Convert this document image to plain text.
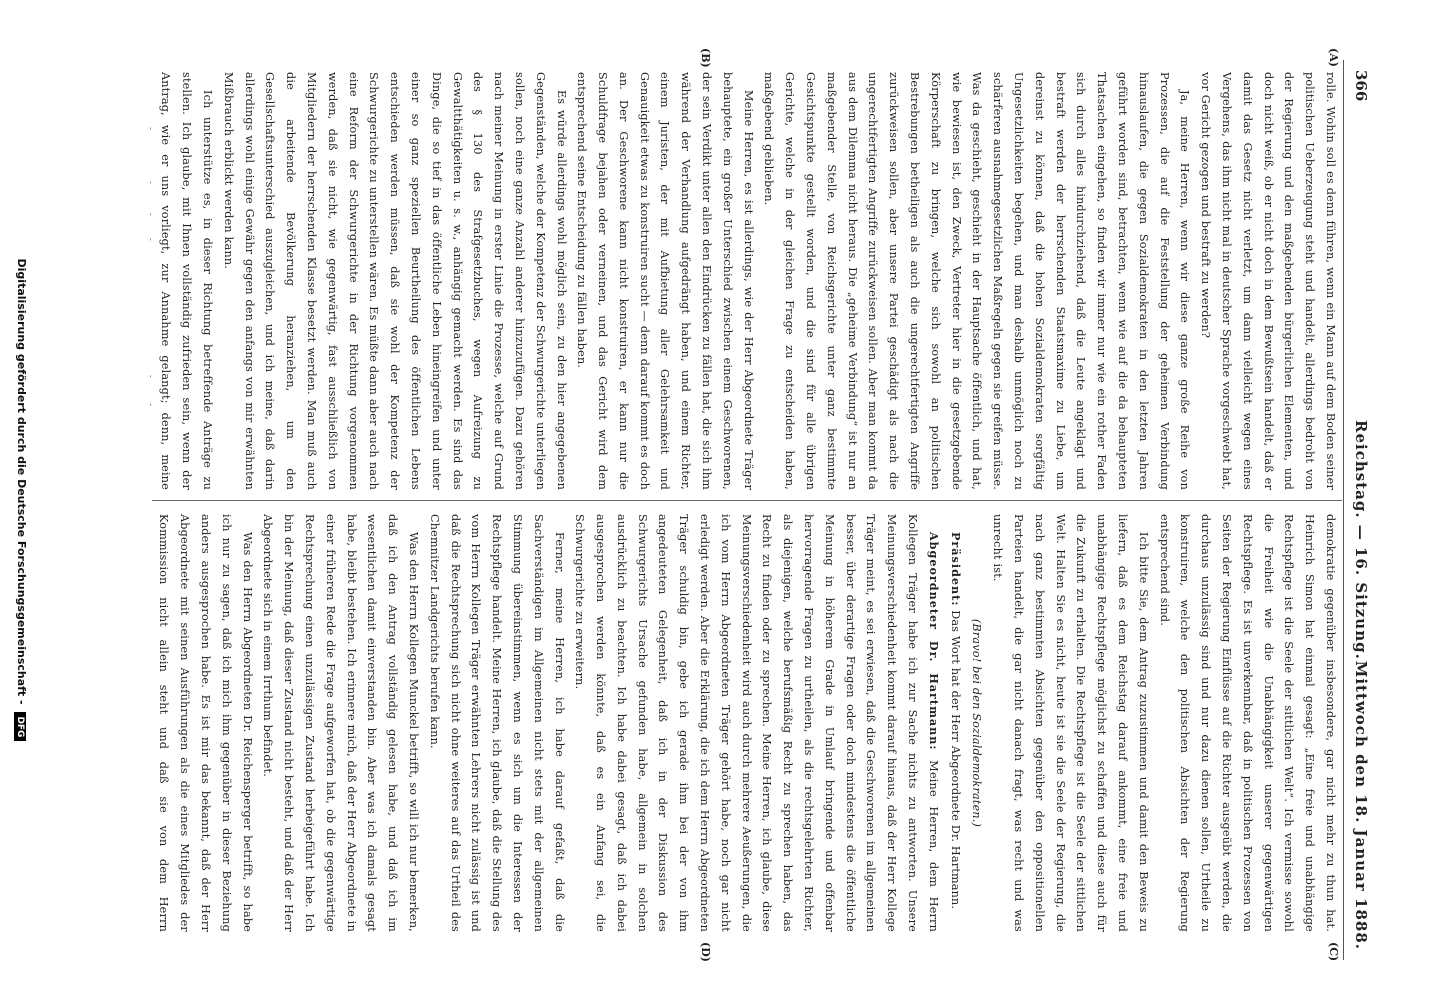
366
Reichstag. — 16. Sitzung.
Mittwoch den 18. Januar 1888.
(A)
(B)
(C)
(D)

rolle. Wohin soll es denn führen, wenn ein Mann auf dem Boden seiner politischen Ueberzeugung steht und handelt, allerdings bedroht von der Regierung und den maßgebenden bürgerlichen Elementen, und doch nicht weiß, ob er nicht doch in dem Bewußtsein handelt, daß er damit das Gesetz nicht verletzt, um dann vielleicht wegen eines Vergehens, das ihm nicht mal in deutscher Sprache vorgeschwebt hat, vor Gericht gezogen und bestraft zu werden?

Ja, meine Herren, wenn wir diese ganze große Reihe von Prozessen, die auf die Feststellung der geheimen Verbindung hinauslaufen, die gegen Sozialdemokraten in den letzten Jahren geführt worden sind, betrachten, wenn wie auf die da behaupteten Thatsachen eingehen, so finden wir immer nur wie ein rother Faden sich durch alles hindurchziehend, daß die Leute angeklagt und bestraft werden der herrschenden Staatsmaxime zu Liebe, um dereinst zu können, daß die hohen Sozialdemokraten sorgfältig Ungesetzlichkeiten begehen, und man deshalb unmöglich noch zu schärferen ausnahmegesetzlichen Maßregeln gegen sie greifen müsse. Was da geschieht, geschieht in der Hauptsache öffentlich, und hat, wie bewiesen ist, den Zweck, Vertreter hier in die gesetzgebende Körperschaft zu bringen, welche sich sowohl an politischen Bestrebungen betheiligen als auch die ungerechtfertigten Angriffe zurückweisen sollen, aber unsere Partei geschädigt als nach die ungerechtfertigten Angriffe zurückweisen sollen. Aber man kommt da aus dem Dilemma nicht heraus. Die „geheime Verbindung“ ist nur an maßgebender Stelle, von Reichsgerichte unter ganz bestimmte Gesichtspunkte gestellt worden, und die sind für alle übrigen Gerichte, welche in der gleichen Frage zu entscheiden haben, maßgebend geblieben.

Meine Herren, es ist allerdings, wie der Herr Abgeordnete Träger behauptete, ein großer Unterschied zwischen einem Geschworenen, der sein Verdikt unter allen den Eindrücken zu fällen hat, die sich ihm während der Verhandlung aufgedrängt haben, und einem Richter, einem Juristen, der mit Aufbietung aller Gelehrsamkeit und Genauigkeit etwas zu konstruiren sucht — denn darauf kommt es doch an. Der Geschworene kann nicht konstruiren, er kann nur die Schuldfrage bejahen oder verneinen, und das Gericht wird dem entsprechend seine Entscheidung zu fällen haben.

Es würde allerdings wohl möglich sein, zu den hier angegebenen Gegenständen, welche der Kompetenz der Schwurgerichte unterliegen sollen, noch eine ganze Anzahl anderer hinzuzufügen. Dazu gehören nach meiner Meinung in erster Linie die Prozesse, welche auf Grund des § 130 des Strafgesetzbuches, wegen Aufreizung zu Gewaltthätigkeiten u. s. w., anhängig gemacht werden. Es sind das Dinge, die so tief in das öffentliche Leben hineingreifen und unter einer so ganz speziellen Beurtheilung des öffentlichen Lebens entschieden werden müssen, daß sie wohl der Kompetenz der Schwurgerichte zu unterstellen wären. Es müßte dann aber auch nach eine Reform der Schwurgerichte in der Richtung vorgenommen werden, daß sie nicht, wie gegenwärtig, fast ausschließlich von Mitgliedern der herrschenden Klasse besetzt werden. Man muß auch die arbeitende Bevölkerung heranziehen, um den Gesellschaftsunterschied auszugleichen, und ich meine, daß darin allerdings wohl einige Gewähr gegen den anfangs von mir erwähnten Mißbrauch erblickt werden kann.

Ich unterstütze es, in dieser Richtung betreffende Anträge zu stellen. Ich glaube, mit Ihnen vollständig zufrieden sein, wenn der Antrag, wie er uns vorliegt, zur Annahme gelangt; denn, meine

demokratie gegenüber insbesondere, gar nicht mehr zu thun hat. Heinrich Simon hat einmal gesagt: „Eine freie und unabhängige Rechtspflege ist die Seele der sittlichen Welt“. Ich vermisse sowohl die Freiheit wie die Unabhängigkeit unserer gegenwärtigen Rechtspflege. Es ist unverkennbar, daß in politischen Prozessen von Seiten der Regierung Einflüsse auf die Richter ausgeübt werden, die durchaus unzulässig sind und nur dazu dienen sollen, Urtheile zu konstruiren, welche den politischen Absichten der Regierung entsprechend sind.

Ich bitte Sie, dem Antrag zuzustimmen und damit den Beweis zu liefern, daß es dem Reichstag darauf ankommt, eine freie und unabhängige Rechtspflege möglichst zu schaffen und diese auch für die Zukunft zu erhalten. Die Rechtspflege ist die Seele der sittlichen Welt. Halten Sie es nicht, heute ist sie die Seele der Regierung, die nach ganz bestimmten Absichten gegenüber den oppositionellen Parteien handelt, die gar nicht danach fragt, was recht und was unrecht ist.

(Bravo! bei den Sozialdemokraten.)

Präsident: Das Wort hat der Herr Abgeordnete Dr. Hartmann.

Abgeordneter Dr. Hartmann: Meine Herren, dem Herrn Kollegen Träger habe ich zur Sache nichts zu antworten. Unsere Meinungsverschiedenheit kommt darauf hinaus, daß der Herr Kollege Träger meint, es sei erwiesen, daß die Geschworenen im allgemeinen besser, über derartige Fragen oder doch mindestens die öffentliche Meinung in höherem Grade in Umlauf bringende und offenbar hervorragende Fragen zu urtheilen, als die rechtsgelehrten Richter, als diejenigen, welche berufsmäßig Recht zu sprechen haben, das Recht zu finden oder zu sprechen. Meine Herren, ich glaube, diese Meinungsverschiedenheit wird auch durch mehrere Aeußerungen, die ich vom Herrn Abgeordneten Träger gehört habe, noch gar nicht erledigt werden. Aber die Erklärung, die ich dem Herrn Abgeordneten Träger schuldig bin, gebe ich gerade ihm bei der von ihm angedeuteten Gelegenheit, daß ich in der Diskussion des Schwurgerichts Ursache gefunden habe, allgemein in solchen ausdrücklich zu beachten. Ich habe dabei gesagt, daß ich dabei ausgesprochen werden könnte, daß es ein Anfang sei, die Schwurgerichte zu erweitern.

Ferner, meine Herren, ich habe darauf gefaßt, daß die Sachverständigen im Allgemeinen nicht stets mit der allgemeinen Stimmung übereinstimmen, wenn es sich um die Interessen der Rechtspflege handelt. Meine Herren, ich glaube, daß die Stellung des vom Herrn Kollegen Träger erwähnten Lehrers nicht zulässig ist und daß die Rechtsprechung sich nicht ohne weiteres auf das Urtheil des Chemnitzer Landgerichts berufen kann.

Was den Herrn Kollegen Munckel betrifft, so will ich nur bemerken, daß ich den Antrag vollständig gelesen habe, und daß ich im wesentlichen damit einverstanden bin. Aber was ich damals gesagt habe, bleibt bestehen. Ich erinnere mich, daß der Herr Abgeordnete in einer früheren Rede die Frage aufgeworfen hat, ob die gegenwärtige Rechtsprechung einen unzulässigen Zustand herbeigeführt habe. Ich bin der Meinung, daß dieser Zustand nicht besteht, und daß der Herr Abgeordnete sich in einem Irrthum befindet.

Was den Herrn Abgeordneten Dr. Reichensperger betrifft, so habe ich nur zu sagen, daß ich mich ihm gegenüber in dieser Beziehung anders ausgesprochen habe. Es ist mir das bekannt, daß der Herr Abgeordnete mit seinen Ausführungen als die eines Mitgliedes der Kommission nicht allein steht und daß sie von dem Herrn

Digitalisierung gefördert durch die Deutsche Forschungsgemeinschaft - DFG
